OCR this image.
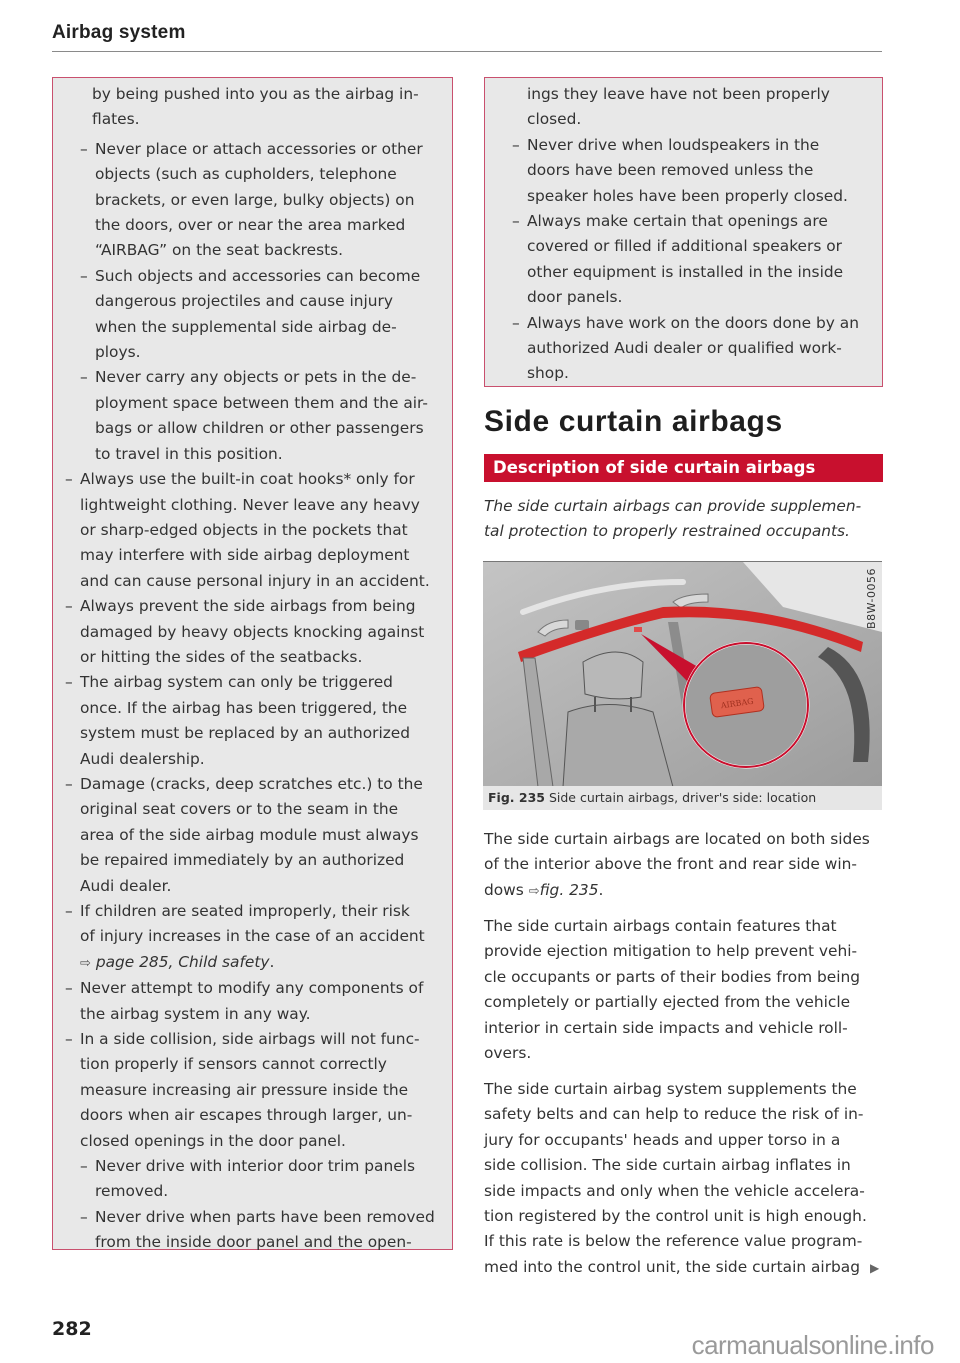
Airbag system
by being pushed into you as the airbag in-
flates.
– Never place or attach accessories or other
objects (such as cupholders, telephone
brackets, or even large, bulky objects) on
the doors, over or near the area marked
“AIRBAG” on the seat backrests.
– Such objects and accessories can become
dangerous projectiles and cause injury
when the supplemental side airbag de-
ploys.
– Never carry any objects or pets in the de-
ployment space between them and the air-
bags or allow children or other passengers
to travel in this position.
– Always use the built-in coat hooks* only for
lightweight clothing. Never leave any heavy
or sharp-edged objects in the pockets that
may interfere with side airbag deployment
and can cause personal injury in an accident.
– Always prevent the side airbags from being
damaged by heavy objects knocking against
or hitting the sides of the seatbacks.
– The airbag system can only be triggered
once. If the airbag has been triggered, the
system must be replaced by an authorized
Audi dealership.
– Damage (cracks, deep scratches etc.) to the
original seat covers or to the seam in the
area of the side airbag module must always
be repaired immediately by an authorized
Audi dealer.
– If children are seated improperly, their risk
of injury increases in the case of an accident
⇨ page 285, Child safety.
– Never attempt to modify any components of
the airbag system in any way.
– In a side collision, side airbags will not func-
tion properly if sensors cannot correctly
measure increasing air pressure inside the
doors when air escapes through larger, un-
closed openings in the door panel.
– Never drive with interior door trim panels
removed.
– Never drive when parts have been removed
from the inside door panel and the open-
ings they leave have not been properly
closed.
– Never drive when loudspeakers in the
doors have been removed unless the
speaker holes have been properly closed.
– Always make certain that openings are
covered or filled if additional speakers or
other equipment is installed in the inside
door panels.
– Always have work on the doors done by an
authorized Audi dealer or qualified work-
shop.
Side curtain airbags
Description of side curtain airbags
The side curtain airbags can provide supplemen-
tal protection to properly restrained occupants.
AIRBAG
B8W-0056
Fig. 235 Side curtain airbags, driver's side: location
The side curtain airbags are located on both sides
of the interior above the front and rear side win-
dows ⇨fig. 235.
The side curtain airbags contain features that
provide ejection mitigation to help prevent vehi-
cle occupants or parts of their bodies from being
completely or partially ejected from the vehicle
interior in certain side impacts and vehicle roll-
overs.
The side curtain airbag system supplements the
safety belts and can help to reduce the risk of in-
jury for occupants' heads and upper torso in a
side collision. The side curtain airbag inflates in
side impacts and only when the vehicle accelera-
tion registered by the control unit is high enough.
If this rate is below the reference value program-
med into the control unit, the side curtain airbag ▶
282
carmanualsonline.info
